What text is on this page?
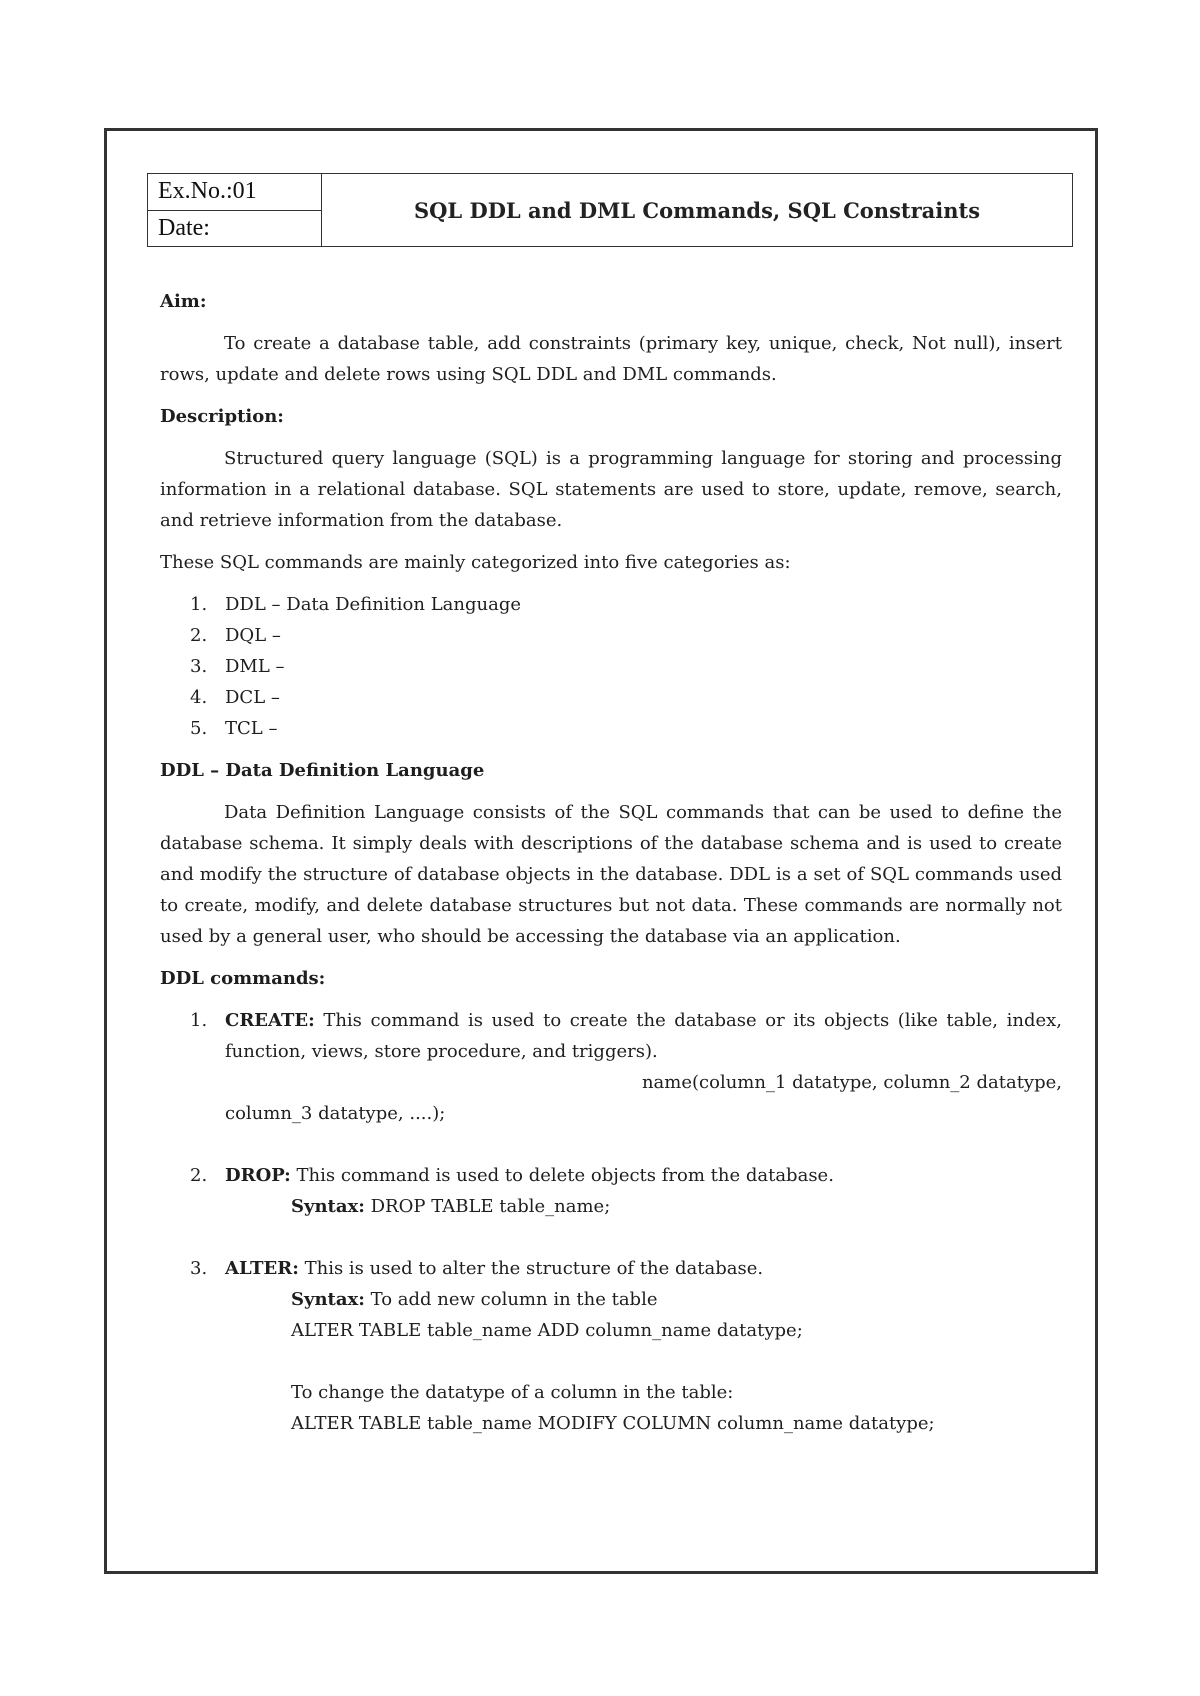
Ex.No.:01
Date:
SQL DDL and DML Commands, SQL Constraints

Aim:

To create a database table, add constraints (primary key, unique, check, Not null), insert rows, update and delete rows using SQL DDL and DML commands.

Description:

Structured query language (SQL) is a programming language for storing and processing information in a relational database. SQL statements are used to store, update, remove, search, and retrieve information from the database.

These SQL commands are mainly categorized into five categories as:

1. DDL – Data Definition Language
2. DQL –
3. DML –
4. DCL –
5. TCL –

DDL – Data Definition Language

Data Definition Language consists of the SQL commands that can be used to define the database schema. It simply deals with descriptions of the database schema and is used to create and modify the structure of database objects in the database. DDL is a set of SQL commands used to create, modify, and delete database structures but not data. These commands are normally not used by a general user, who should be accessing the database via an application.

DDL commands:

1. CREATE: This command is used to create the database or its objects (like table, index, function, views, store procedure, and triggers).

name(column_1 datatype, column_2 datatype,

column_3 datatype, ....);

2. DROP: This command is used to delete objects from the database.

Syntax: DROP TABLE table_name;

3. ALTER: This is used to alter the structure of the database.

Syntax: To add new column in the table

ALTER TABLE table_name ADD column_name datatype;

To change the datatype of a column in the table:

ALTER TABLE table_name MODIFY COLUMN column_name datatype;
